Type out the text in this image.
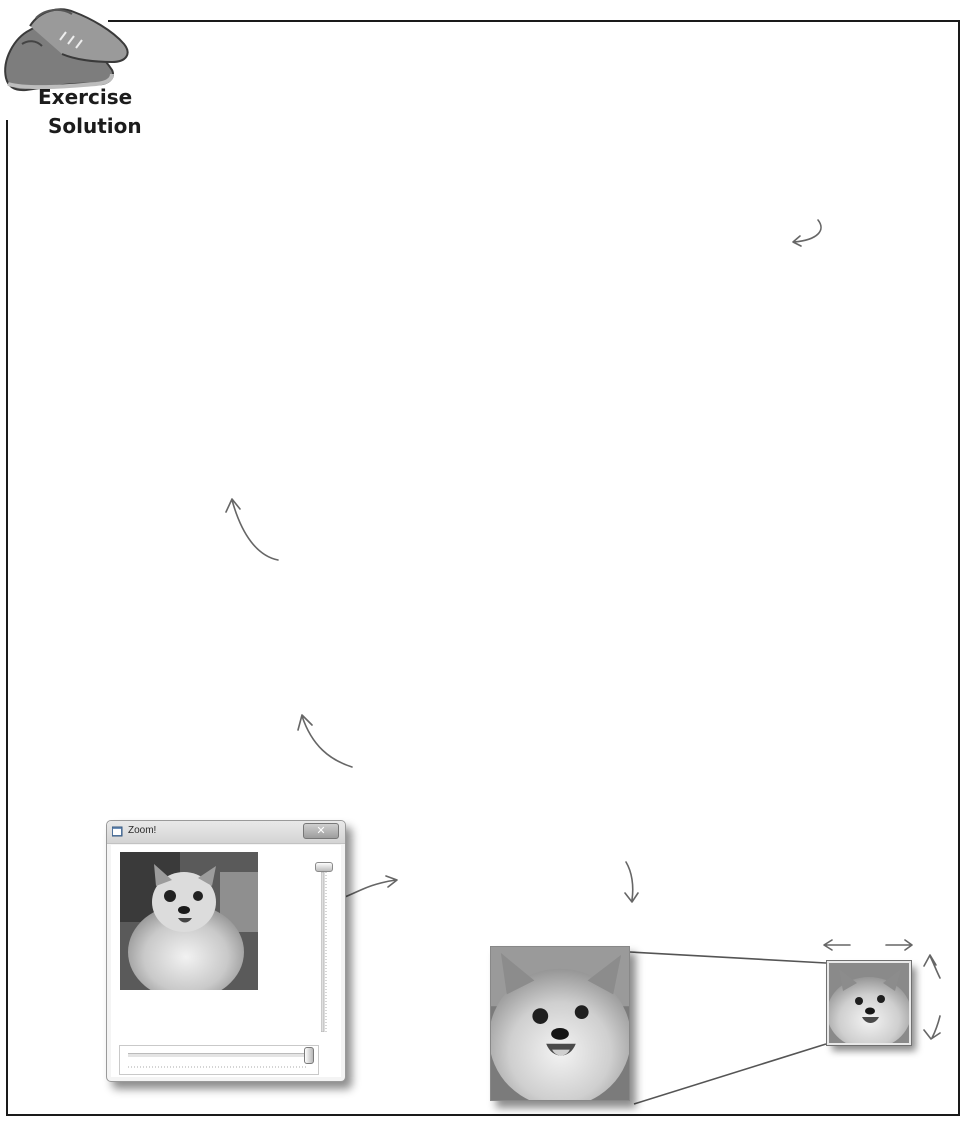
Exercise
Solution
Zoom!	✕
